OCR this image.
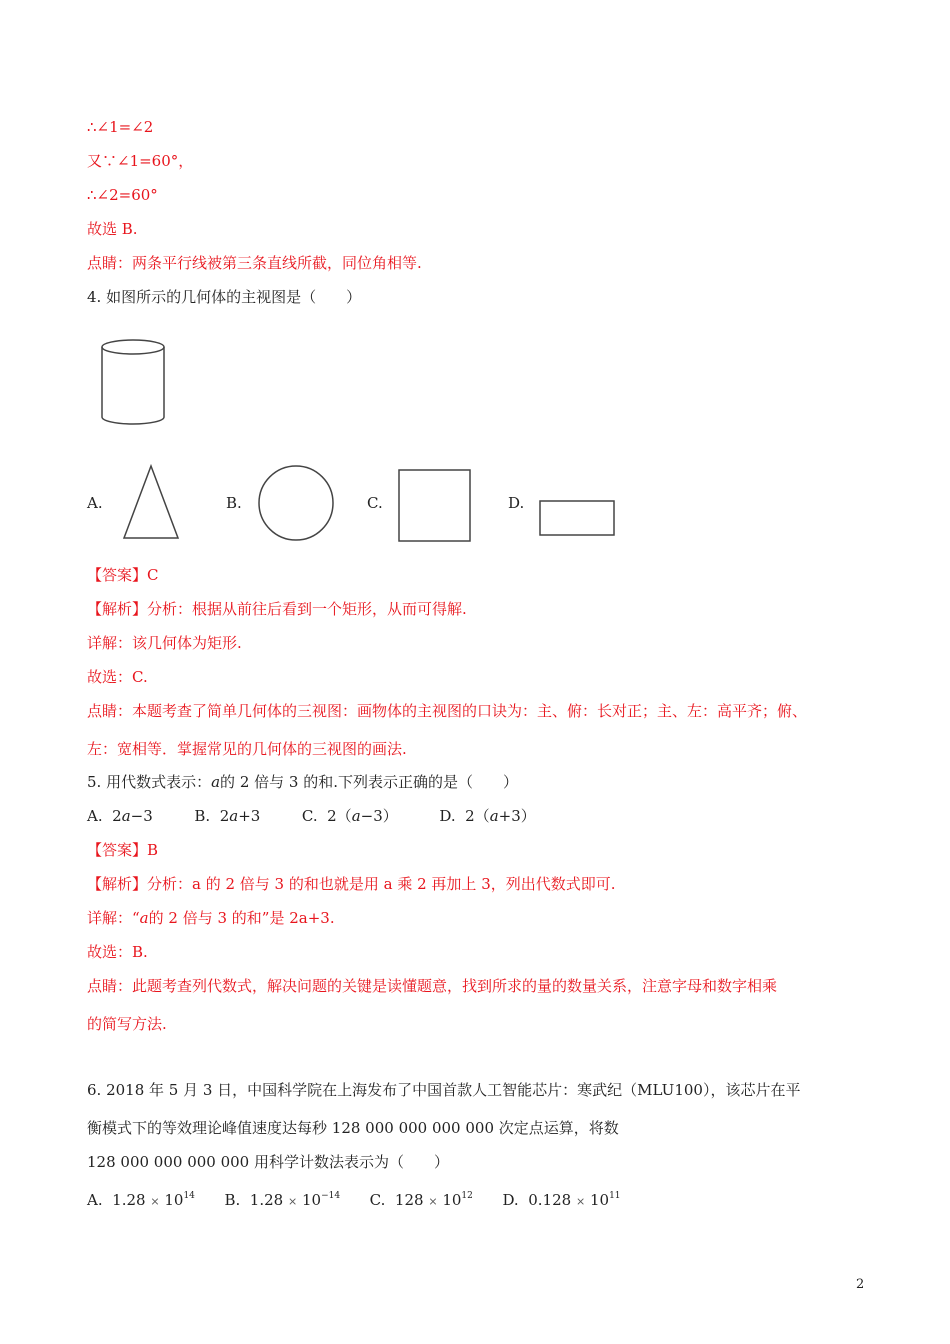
∴∠1=∠2
又∵∠1=60°，
∴∠2=60°
故选 B.
点睛：两条平行线被第三条直线所截，同位角相等.
4. 如图所示的几何体的主视图是（　　）
A.	B.	C.	D.
【答案】C
【解析】分析：根据从前往后看到一个矩形，从而可得解.
详解：该几何体为矩形.
故选：C.
点睛：本题考查了简单几何体的三视图：画物体的主视图的口诀为：主、俯：长对正；主、左：高平齐；俯、
左：宽相等．掌握常见的几何体的三视图的画法.
5. 用代数式表示：a的 2 倍与 3 的和.下列表示正确的是（　　）
A. 2a−3	B. 2a+3	C. 2（a−3）	D. 2（a+3）
【答案】B
【解析】分析：a 的 2 倍与 3 的和也就是用 a 乘 2 再加上 3，列出代数式即可.
详解：“a的 2 倍与 3 的和”是 2a+3.
故选：B.
点睛：此题考查列代数式，解决问题的关键是读懂题意，找到所求的量的数量关系，注意字母和数字相乘
的简写方法.
6. 2018 年 5 月 3 日，中国科学院在上海发布了中国首款人工智能芯片：寒武纪（MLU100），该芯片在平
衡模式下的等效理论峰值速度达每秒 128 000 000 000 000 次定点运算，将数
128 000 000 000 000 用科学计数法表示为（　　）
A. $1.28 \times 10^{14}$ B. $1.28 \times 10^{-14}$ C. $128 \times 10^{12}$ D. $0.128 \times 10^{11}$
2
